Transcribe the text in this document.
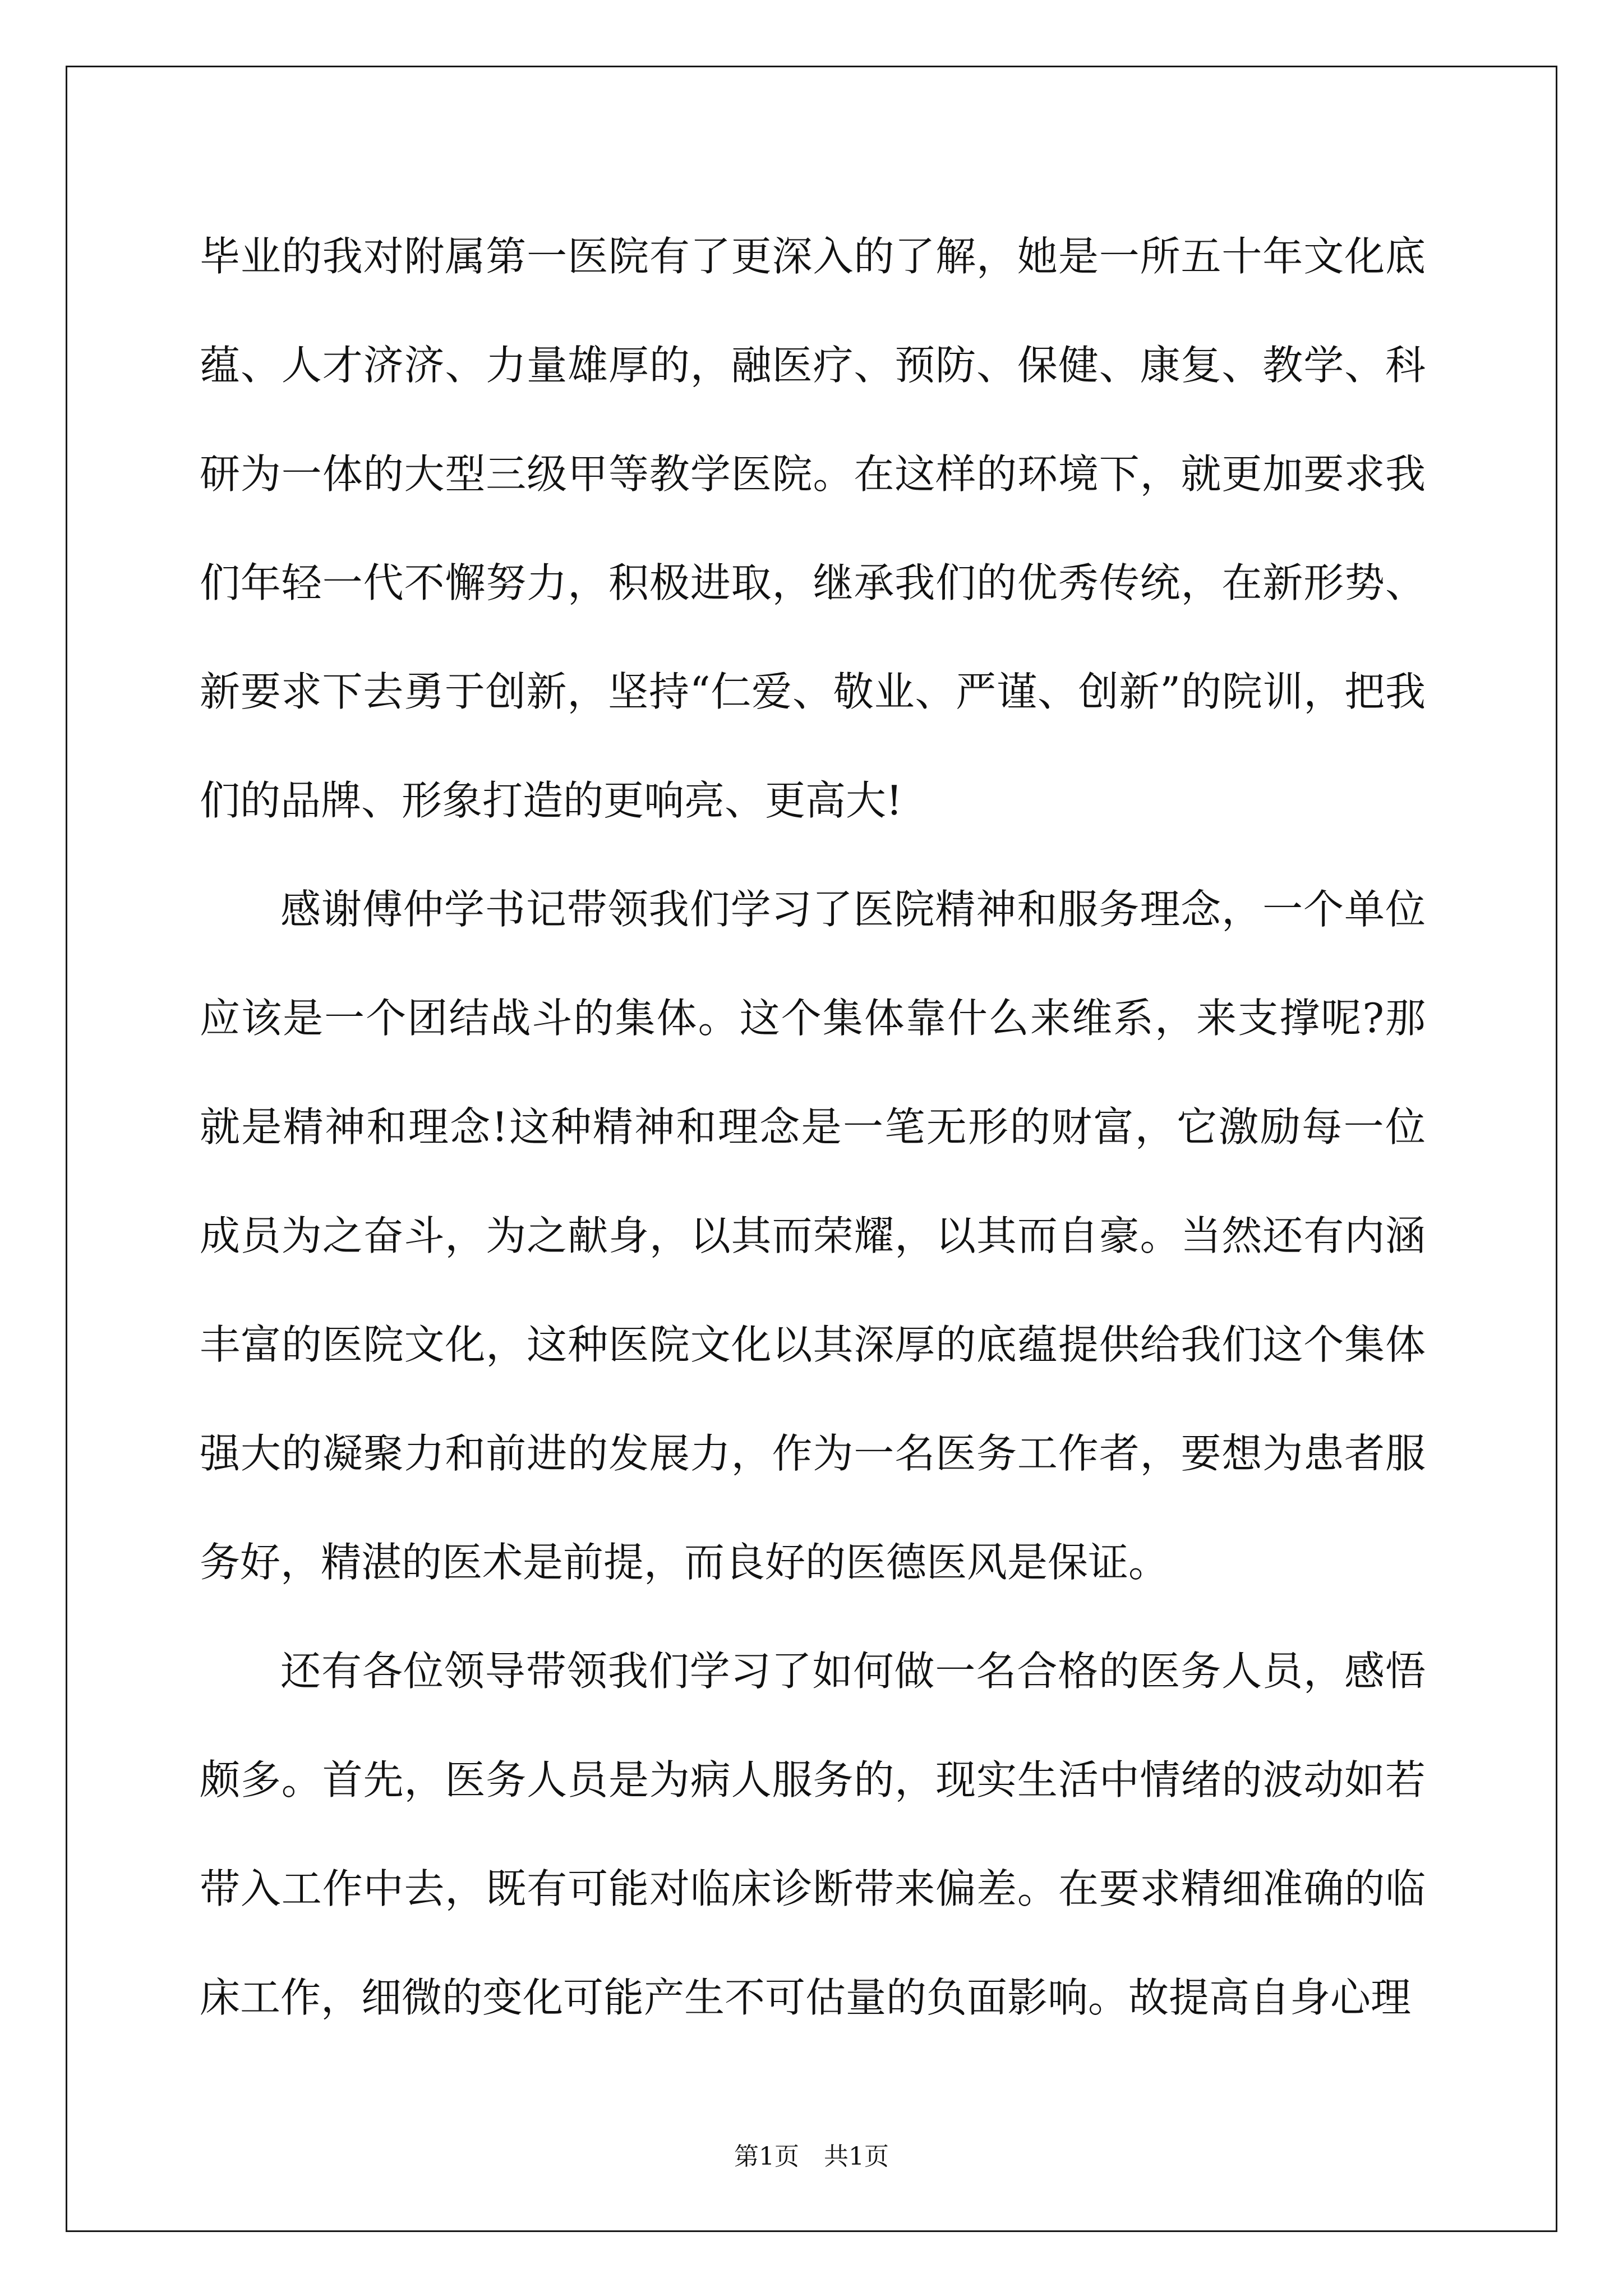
毕业的我对附属第一医院有了更深入的了解，她是一所五十年文化底蕴、人才济济、力量雄厚的，融医疗、预防、保健、康复、教学、科研为一体的大型三级甲等教学医院。在这样的环境下，就更加要求我们年轻一代不懈努力，积极进取，继承我们的优秀传统，在新形势、新要求下去勇于创新，坚持“仁爱、敬业、严谨、创新”的院训，把我们的品牌、形象打造的更响亮、更高大!

感谢傅仲学书记带领我们学习了医院精神和服务理念，一个单位应该是一个团结战斗的集体。这个集体靠什么来维系，来支撑呢?那就是精神和理念!这种精神和理念是一笔无形的财富，它激励每一位成员为之奋斗，为之献身，以其而荣耀，以其而自豪。当然还有内涵丰富的医院文化，这种医院文化以其深厚的底蕴提供给我们这个集体强大的凝聚力和前进的发展力，作为一名医务工作者，要想为患者服务好，精湛的医术是前提，而良好的医德医风是保证。

还有各位领导带领我们学习了如何做一名合格的医务人员，感悟颇多。首先，医务人员是为病人服务的，现实生活中情绪的波动如若带入工作中去，既有可能对临床诊断带来偏差。在要求精细准确的临床工作，细微的变化可能产生不可估量的负面影响。故提高自身心理

第1页　共1页
